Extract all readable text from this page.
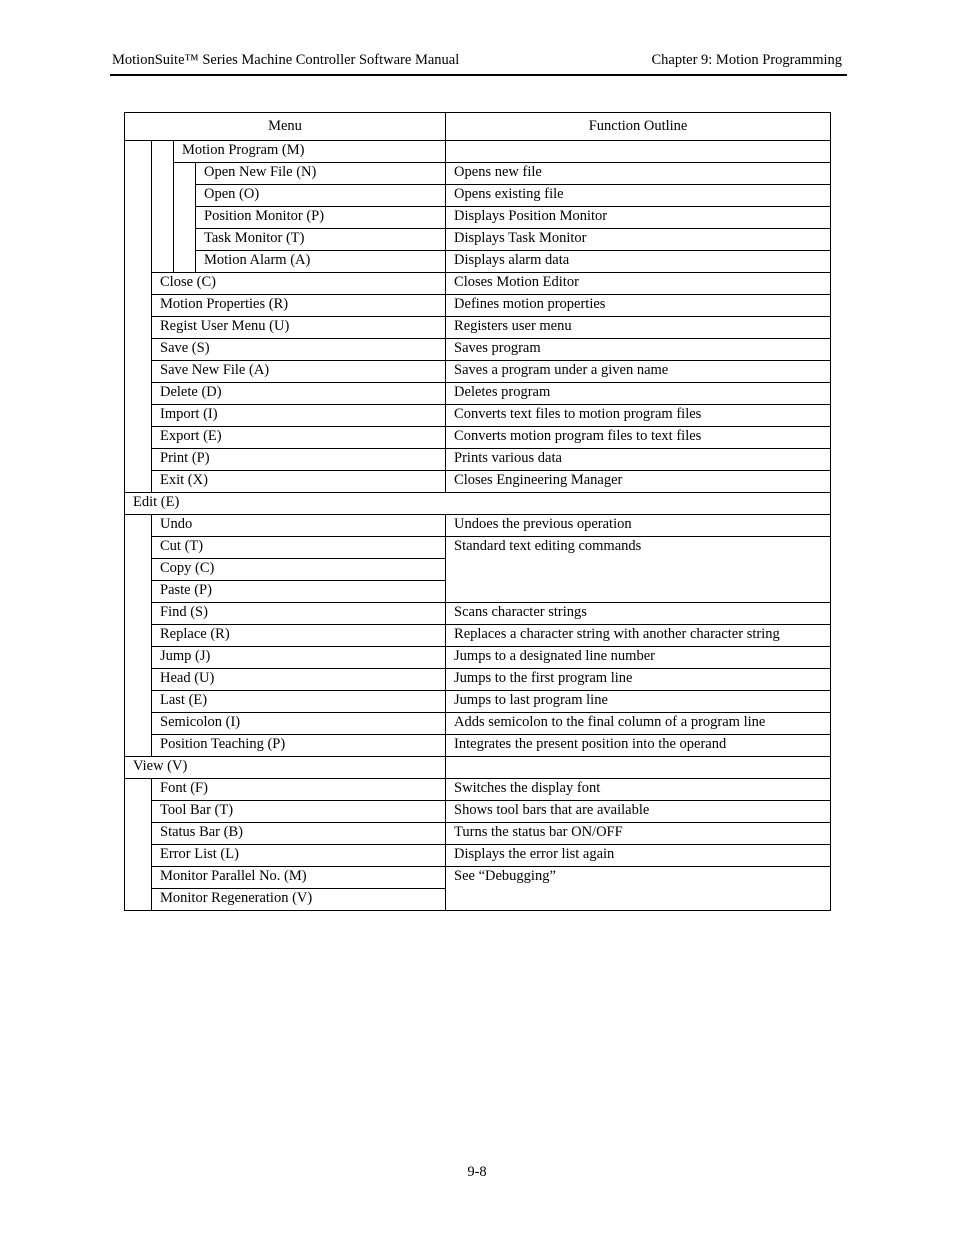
MotionSuite™ Series Machine Controller Software Manual	Chapter 9: Motion Programming
Menu				Function Outline
		Motion Program (M)		
			Open New File (N)	Opens new file
			Open (O)	Opens existing file
			Position Monitor (P)	Displays Position Monitor
			Task Monitor (T)	Displays Task Monitor
			Motion Alarm (A)	Displays alarm data
	Close (C)			Closes Motion Editor
	Motion Properties (R)			Defines motion properties
	Regist User Menu (U)			Registers user menu
	Save (S)			Saves program
	Save New File (A)			Saves a program under a given name
	Delete (D)			Deletes program
	Import (I)			Converts text files to motion program files
	Export (E)			Converts motion program files to text files
	Print (P)			Prints various data
	Exit (X)			Closes Engineering Manager
Edit (E)				
	Undo			Undoes the previous operation
	Cut (T)			Standard text editing commands
	Copy (C)			
	Paste (P)			
	Find (S)			Scans character strings
	Replace (R)			Replaces a character string with another character string
	Jump (J)			Jumps to a designated line number
	Head (U)			Jumps to the first program line
	Last (E)			Jumps to last program line
	Semicolon (I)			Adds semicolon to the final column of a program line
	Position Teaching (P)			Integrates the present position into the operand
View (V)				
	Font (F)			Switches the display font
	Tool Bar (T)			Shows tool bars that are available
	Status Bar (B)			Turns the status bar ON/OFF
	Error List (L)			Displays the error list again
	Monitor Parallel No. (M)			See “Debugging”
	Monitor Regeneration (V)			
9-8
